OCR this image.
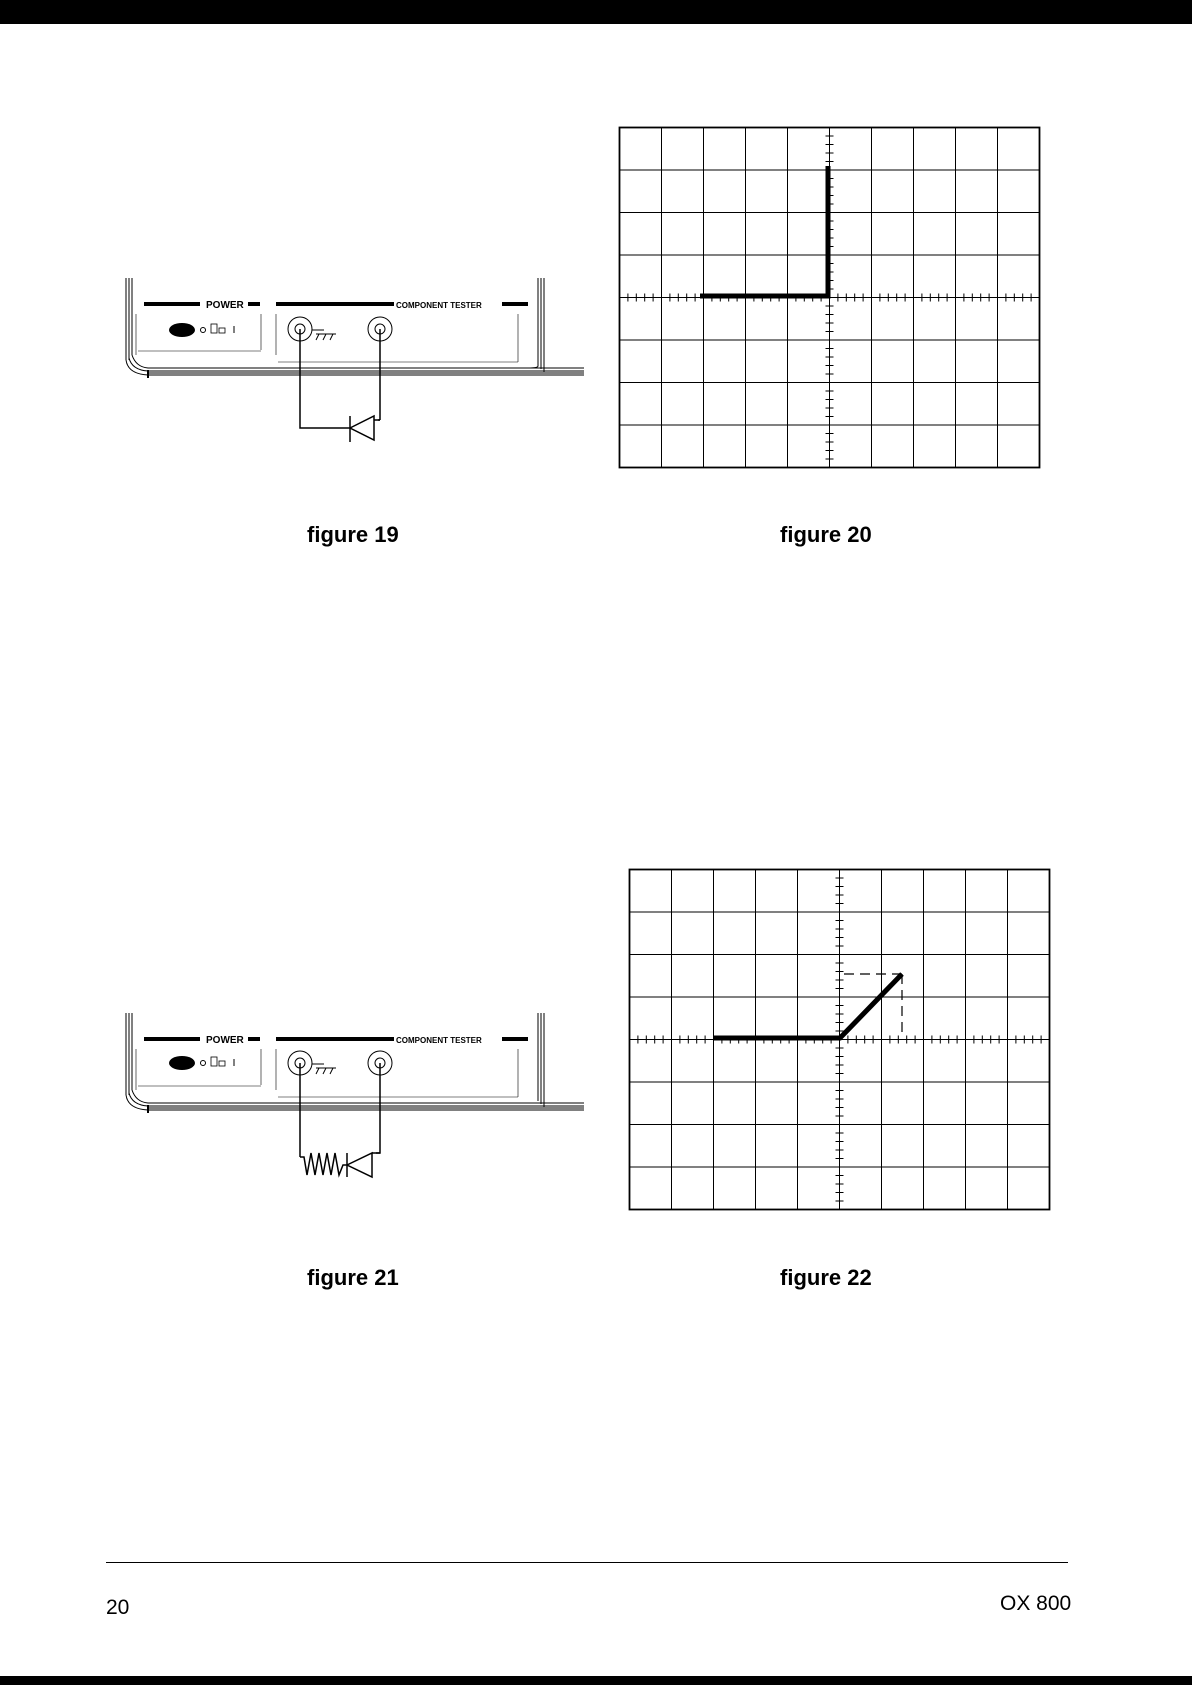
POWER	COMPONENT TESTER
figure 19	figure 20
POWER	COMPONENT TESTER
figure 21	figure 22
20	OX 800
